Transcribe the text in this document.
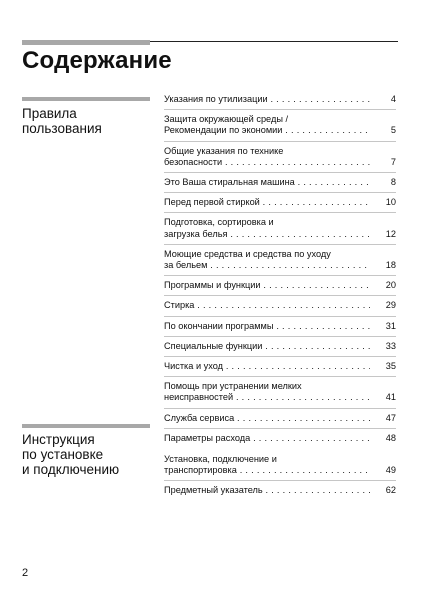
Содержание
Правила
пользования
Инструкция
по установке
и подключению
Указания по утилизации . . .	4
Защита окружающей среды /
Рекомендации по экономии . . .	5
Общие указания по технике
безопасности . . .	7
Это Ваша стиральная машина . . .	8
Перед первой стиркой . . .	10
Подготовка, сортировка и
загрузка белья . . .	12
Моющие средства и средства по уходу
за бельем . . .	18
Программы и функции . . .	20
Стирка . . .	29
По окончании программы . . .	31
Специальные функции . . .	33
Чистка и уход . . .	35
Помощь при устранении мелких
неисправностей . . .	41
Служба сервиса . . .	47
Параметры расхода . . .	48
Установка, подключение и
транспортировка . . .	49
Предметный указатель . . .	62
2
